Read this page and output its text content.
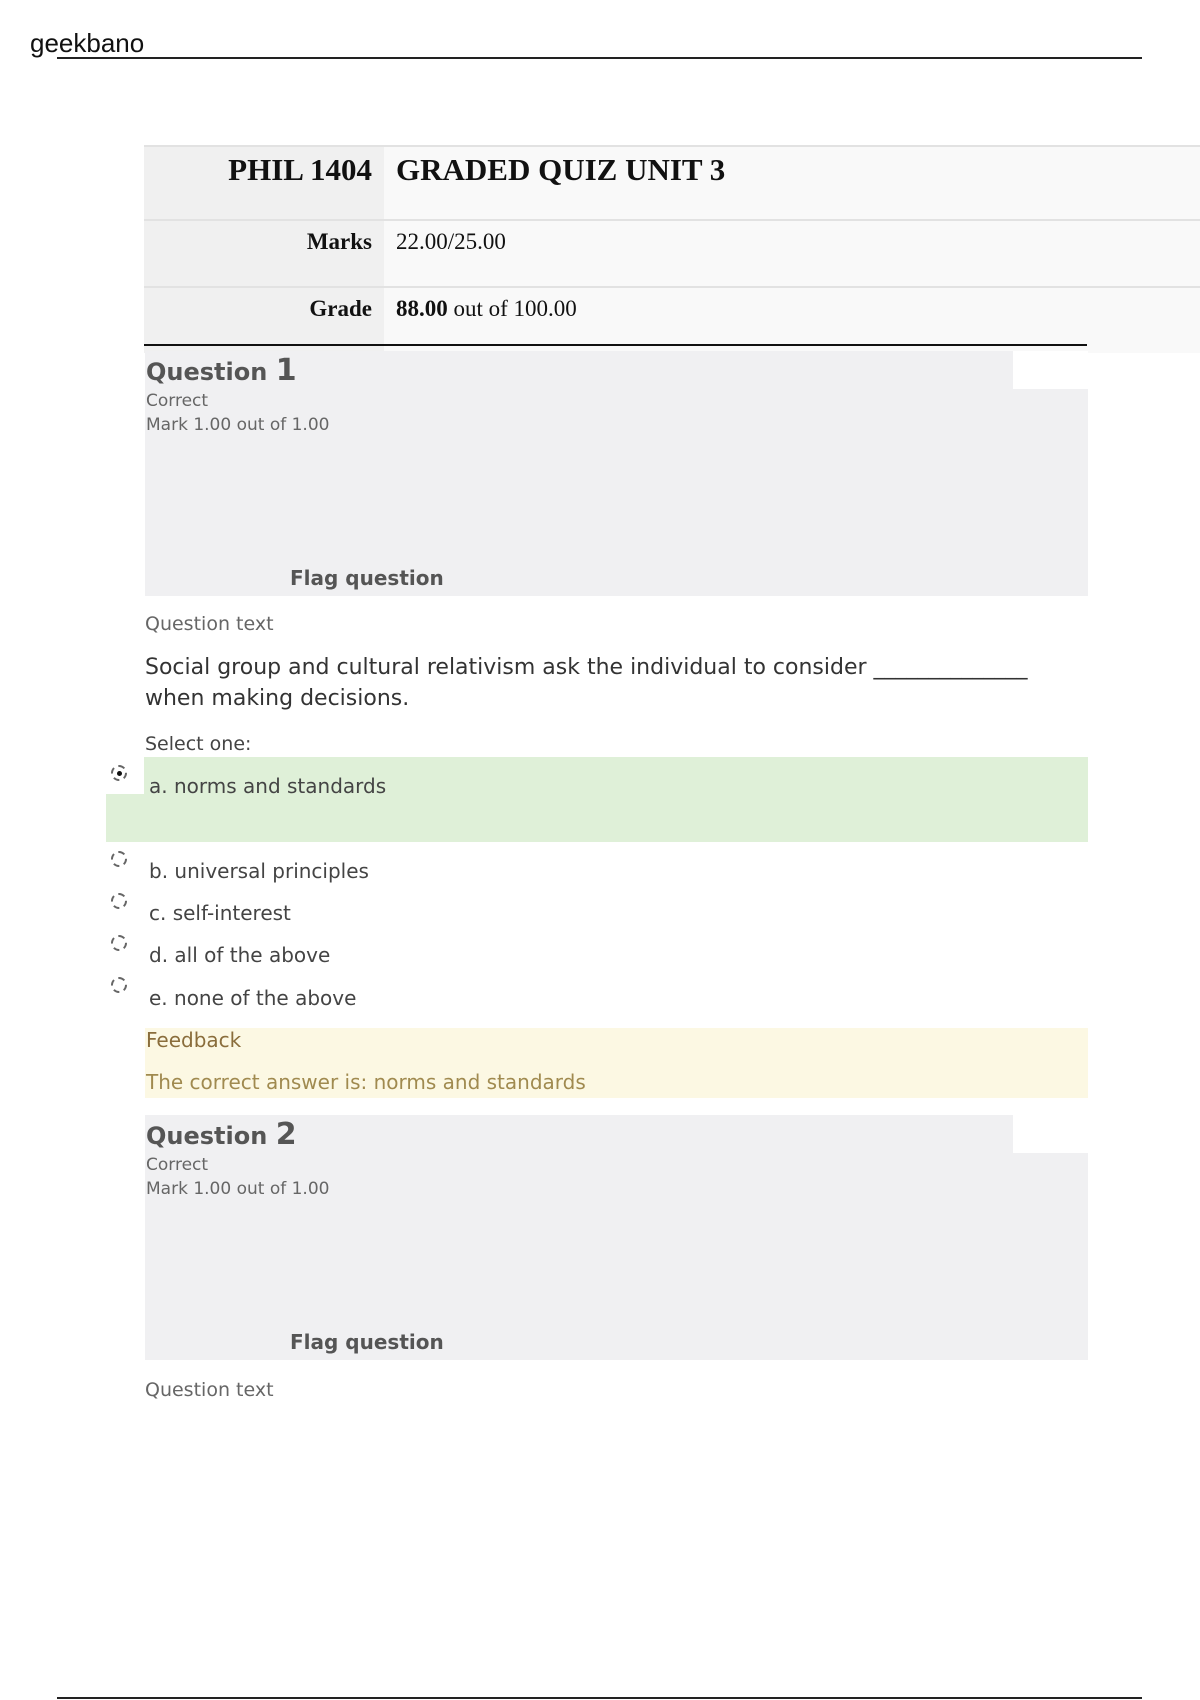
geekbano
PHIL 1404 GRADED QUIZ UNIT 3
Marks	22.00/25.00
Grade	88.00 out of 100.00
Question 1
Correct
Mark 1.00 out of 1.00
Flag question
Question text
Social group and cultural relativism ask the individual to consider ______________ when making decisions.
Select one:
a. norms and standards
b. universal principles
c. self-interest
d. all of the above
e. none of the above
Feedback
The correct answer is: norms and standards
Question 2
Correct
Mark 1.00 out of 1.00
Flag question
Question text
